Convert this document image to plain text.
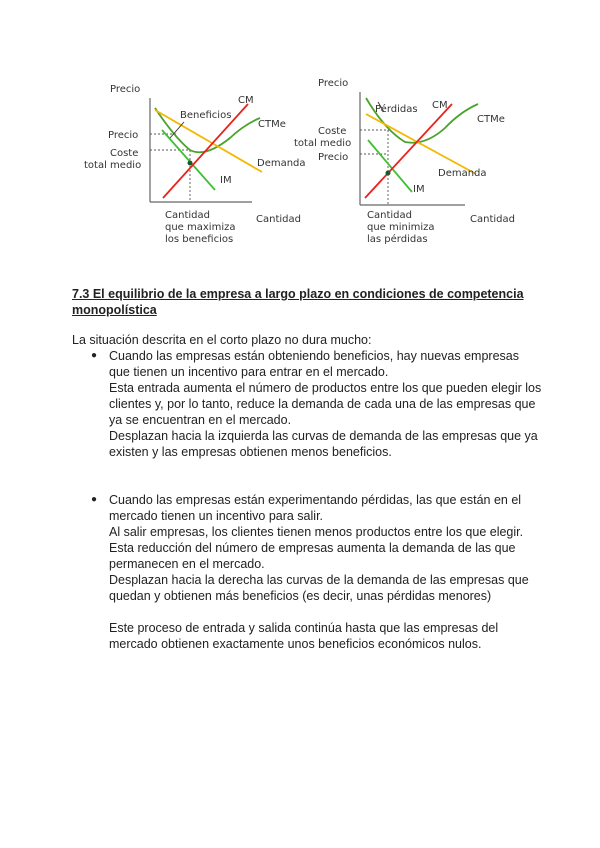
Precio
Cantidad
CM
CTMe
Demanda
IM
Beneficios
Precio
Coste
total medio
Cantidad
que maximiza
los beneficios
Precio
Cantidad
CM
CTMe
Demanda
IM
Pérdidas
Coste
total medio
Precio
Cantidad
que minimiza
las pérdidas
7.3 El equilibrio de la empresa a largo plazo en condiciones de competencia
monopolística
La situación descrita en el corto plazo no dura mucho:
● Cuando las empresas están obteniendo beneficios, hay nuevas empresas

que tienen un incentivo para entrar en el mercado.

Esta entrada aumenta el número de productos entre los que pueden elegir los

clientes y, por lo tanto, reduce la demanda de cada una de las empresas que

ya se encuentran en el mercado.

Desplazan hacia la izquierda las curvas de demanda de las empresas que ya

existen y las empresas obtienen menos beneficios.

● Cuando las empresas están experimentando pérdidas, las que están en el

mercado tienen un incentivo para salir.

Al salir empresas, los clientes tienen menos productos entre los que elegir.

Esta reducción del número de empresas aumenta la demanda de las que

permanecen en el mercado.

Desplazan hacia la derecha las curvas de la demanda de las empresas que

quedan y obtienen más beneficios (es decir, unas pérdidas menores)

Este proceso de entrada y salida continúa hasta que las empresas del

mercado obtienen exactamente unos beneficios económicos nulos.
